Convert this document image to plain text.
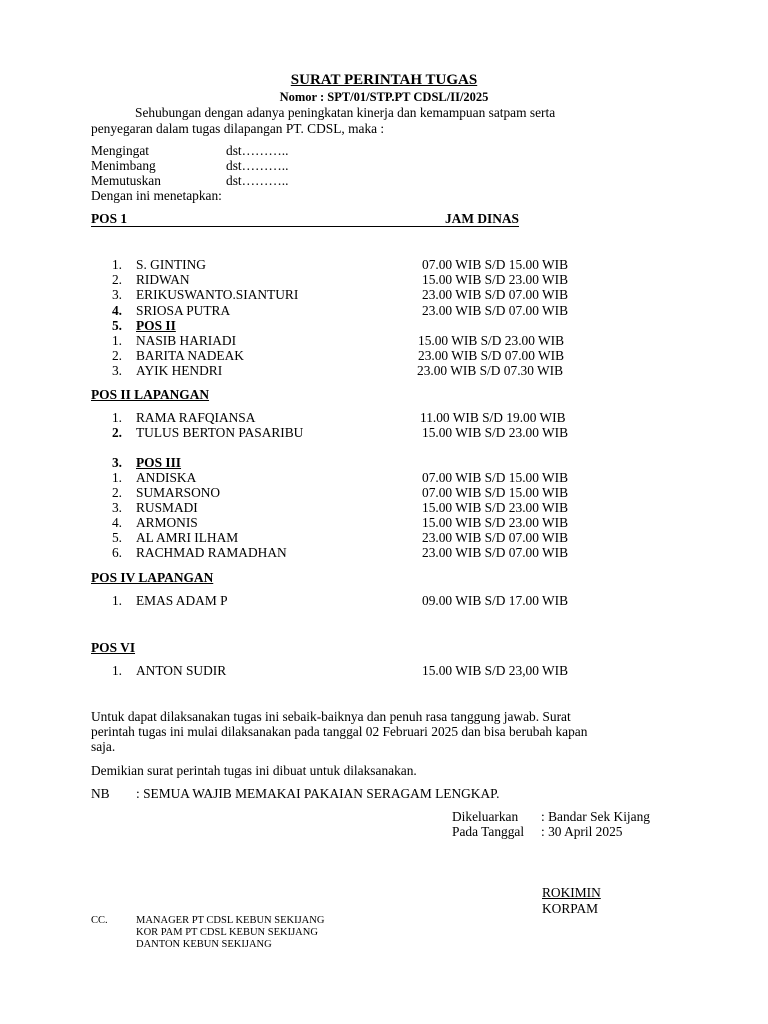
SURAT PERINTAH TUGAS
Nomor : SPT/01/STP.PT CDSL/II/2025
Sehubungan dengan adanya peningkatan kinerja dan kemampuan satpam serta
penyegaran dalam tugas dilapangan PT. CDSL, maka :
Mengingat	dst………..
Menimbang	dst………..
Memutuskan	dst………..
Dengan ini menetapkan:
POS 1	JAM DINAS
1. S. GINTING	07.00 WIB S/D 15.00 WIB
2. RIDWAN	15.00 WIB S/D 23.00 WIB
3. ERIKUSWANTO.SIANTURI	23.00 WIB S/D 07.00 WIB
4. SRIOSA PUTRA	23.00 WIB S/D 07.00 WIB
5. POS II
1. NASIB HARIADI	15.00 WIB S/D 23.00 WIB
2. BARITA NADEAK	23.00 WIB S/D 07.00 WIB
3. AYIK HENDRI	23.00 WIB S/D 07.30 WIB
POS II LAPANGAN
1. RAMA RAFQIANSA	11.00 WIB S/D 19.00 WIB
2. TULUS BERTON PASARIBU	15.00 WIB S/D 23.00 WIB
3. POS III
1. ANDISKA	07.00 WIB S/D 15.00 WIB
2. SUMARSONO	07.00 WIB S/D 15.00 WIB
3. RUSMADI	15.00 WIB S/D 23.00 WIB
4. ARMONIS	15.00 WIB S/D 23.00 WIB
5. AL AMRI ILHAM	23.00 WIB S/D 07.00 WIB
6. RACHMAD RAMADHAN	23.00 WIB S/D 07.00 WIB
POS IV LAPANGAN
1. EMAS ADAM P	09.00 WIB S/D 17.00 WIB
POS VI
1. ANTON SUDIR	15.00 WIB S/D 23,00 WIB
Untuk dapat dilaksanakan tugas ini sebaik-baiknya dan penuh rasa tanggung jawab. Surat
perintah tugas ini mulai dilaksanakan pada tanggal 02 Februari 2025 dan bisa berubah kapan
saja.
Demikian surat perintah tugas ini dibuat untuk dilaksanakan.
NB : SEMUA WAJIB MEMAKAI PAKAIAN SERAGAM LENGKAP.
Dikeluarkan : Bandar Sek Kijang
Pada Tanggal : 30 April 2025
ROKIMIN
KORPAM
CC.	MANAGER PT CDSL KEBUN SEKIJANG
KOR PAM PT CDSL KEBUN SEKIJANG
DANTON KEBUN SEKIJANG
